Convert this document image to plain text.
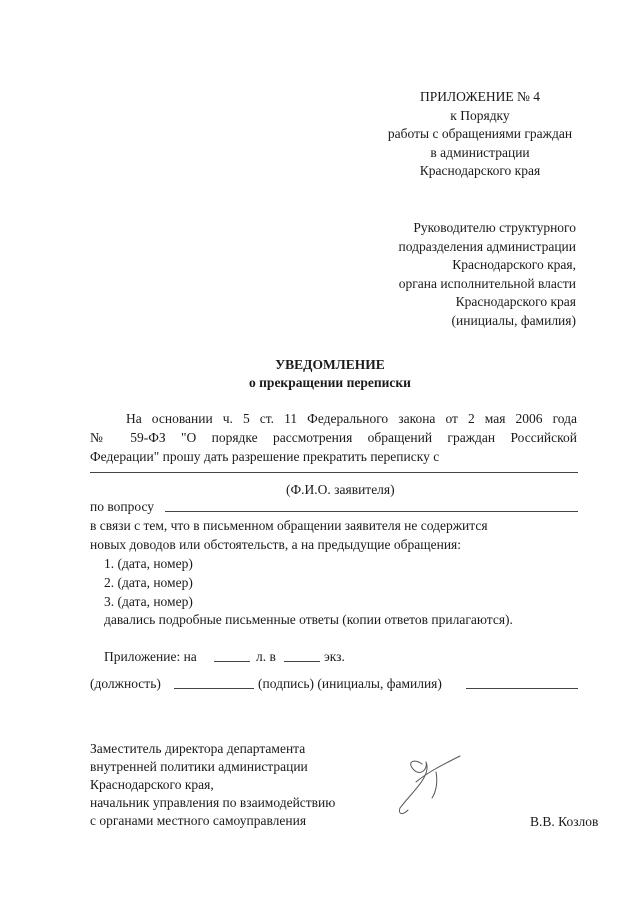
ПРИЛОЖЕНИЕ № 4
к Порядку
работы с обращениями граждан
в администрации
Краснодарского края
Руководителю структурного
подразделения администрации
Краснодарского края,
органа исполнительной власти
Краснодарского края
(инициалы, фамилия)
УВЕДОМЛЕНИЕ
о прекращении переписки
На основании ч. 5 ст. 11 Федерального закона от 2 мая 2006 года
№ 59-ФЗ "О порядке рассмотрения обращений граждан Российской
Федерации" прошу дать разрешение прекратить переписку с
(Ф.И.О. заявителя)
по вопросу
в связи с тем, что в письменном обращении заявителя не содержится
новых доводов или обстоятельств, а на предыдущие обращения:
1. (дата, номер)
2. (дата, номер)
3. (дата, номер)
давались подробные письменные ответы (копии ответов прилагаются).
Приложение: на	л. в	экз.
(должность)	(подпись) (инициалы, фамилия)
Заместитель директора департамента
внутренней политики администрации
Краснодарского края,
начальник управления по взаимодействию
с органами местного самоуправления	В.В. Козлов
